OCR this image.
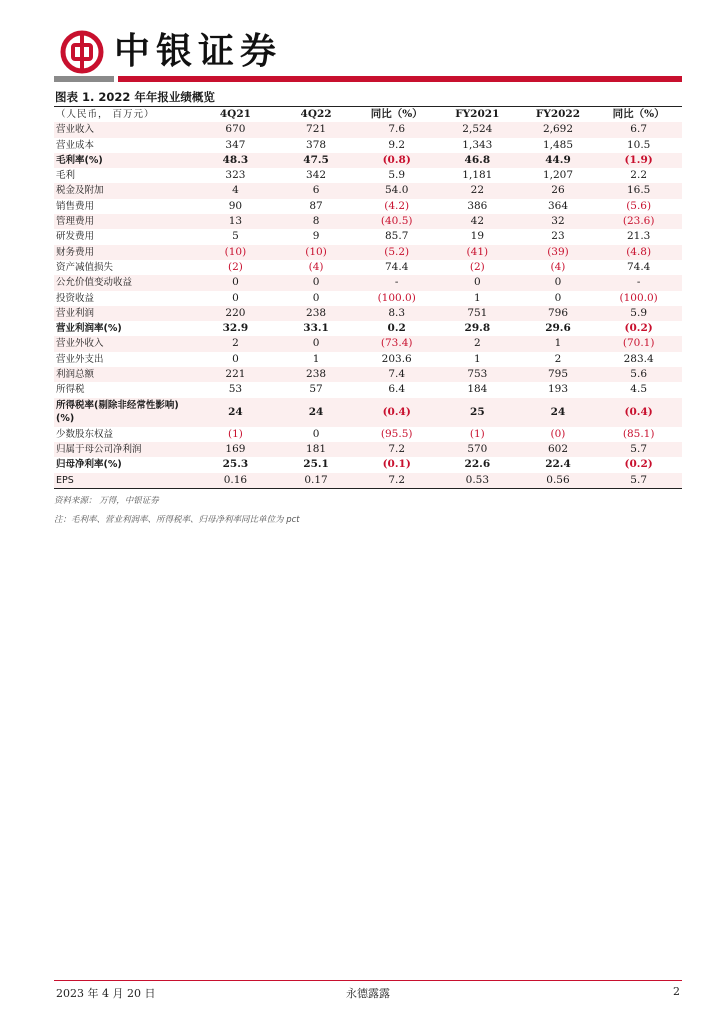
中银证券
图表 1. 2022 年年报业绩概览
（人民币， 百万元）	4Q21	4Q22	同比（%）	FY2021	FY2022	同比（%）
营业收入	670	721	7.6	2,524	2,692	6.7
营业成本	347	378	9.2	1,343	1,485	10.5
毛利率(%)	48.3	47.5	(0.8)	46.8	44.9	(1.9)
毛利	323	342	5.9	1,181	1,207	2.2
税金及附加	4	6	54.0	22	26	16.5
销售费用	90	87	(4.2)	386	364	(5.6)
管理费用	13	8	(40.5)	42	32	(23.6)
研发费用	5	9	85.7	19	23	21.3
财务费用	(10)	(10)	(5.2)	(41)	(39)	(4.8)
资产减值损失	(2)	(4)	74.4	(2)	(4)	74.4
公允价值变动收益	0	0	-	0	0	-
投资收益	0	0	(100.0)	1	0	(100.0)
营业利润	220	238	8.3	751	796	5.9
营业利润率(%)	32.9	33.1	0.2	29.8	29.6	(0.2)
营业外收入	2	0	(73.4)	2	1	(70.1)
营业外支出	0	1	203.6	1	2	283.4
利润总额	221	238	7.4	753	795	5.6
所得税	53	57	6.4	184	193	4.5
所得税率(剔除非经常性影响)(%)	24	24	(0.4)	25	24	(0.4)
少数股东权益	(1)	0	(95.5)	(1)	(0)	(85.1)
归属于母公司净利润	169	181	7.2	570	602	5.7
归母净利率(%)	25.3	25.1	(0.1)	22.6	22.4	(0.2)
EPS	0.16	0.17	7.2	0.53	0.56	5.7
资料来源： 万得，中银证券
注：毛利率、营业利润率、所得税率、归母净利率同比单位为 pct
2023 年 4 月 20 日	永德露露	2
